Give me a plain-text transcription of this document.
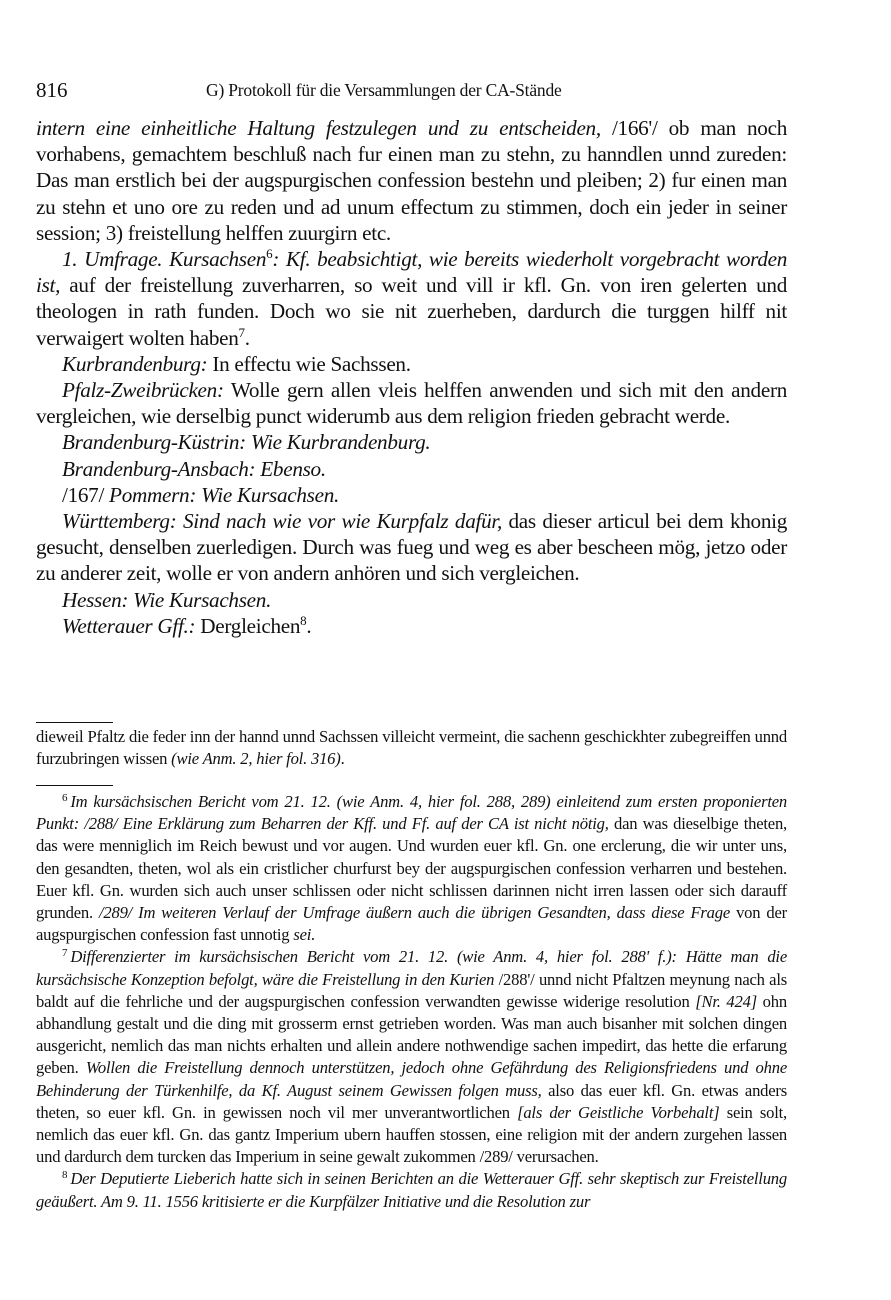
816	G) Protokoll für die Versammlungen der CA-Stände

intern eine einheitliche Haltung festzulegen und zu entscheiden, /166'/ ob man noch vorhabens, gemachtem beschluß nach fur einen man zu stehn, zu hanndlen unnd zureden: Das man erstlich bei der augspurgischen confession bestehn und pleiben; 2) fur einen man zu stehn et uno ore zu reden und ad unum effectum zu stimmen, doch ein jeder in seiner session; 3) freistellung helffen zuurgirn etc.

1. Umfrage. Kursachsen$^6$: Kf. beabsichtigt, wie bereits wiederholt vorgebracht worden ist, auf der freistellung zuverharren, so weit und vill ir kfl. Gn. von iren gelerten und theologen in rath funden. Doch wo sie nit zuerheben, dardurch die turggen hilff nit verwaigert wolten haben$^7$.

Kurbrandenburg: In effectu wie Sachssen.

Pfalz-Zweibrücken: Wolle gern allen vleis helffen anwenden und sich mit den andern vergleichen, wie derselbig punct widerumb aus dem religion frieden gebracht werde.

Brandenburg-Küstrin: Wie Kurbrandenburg.

Brandenburg-Ansbach: Ebenso.

/167/ Pommern: Wie Kursachsen.

Württemberg: Sind nach wie vor wie Kurpfalz dafür, das dieser articul bei dem khonig gesucht, denselben zuerledigen. Durch was fueg und weg es aber bescheen mög, jetzo oder zu anderer zeit, wolle er von andern anhören und sich vergleichen.

Hessen: Wie Kursachsen.

Wetterauer Gff.: Dergleichen$^8$.

dieweil Pfaltz die feder inn der hannd unnd Sachssen villeicht vermeint, die sachenn geschickhter zubegreiffen unnd furzubringen wissen (wie Anm. 2, hier fol. 316).

$^6$ Im kursächsischen Bericht vom 21. 12. (wie Anm. 4, hier fol. 288, 289) einleitend zum ersten proponierten Punkt: /288/ Eine Erklärung zum Beharren der Kff. und Ff. auf der CA ist nicht nötig, dan was dieselbige theten, das were menniglich im Reich bewust und vor augen. Und wurden euer kfl. Gn. one erclerung, die wir unter uns, den gesandten, theten, wol als ein cristlicher churfurst bey der augspurgischen confession verharren und bestehen. Euer kfl. Gn. wurden sich auch unser schlissen oder nicht schlissen darinnen nicht irren lassen oder sich darauff grunden. /289/ Im weiteren Verlauf der Umfrage äußern auch die übrigen Gesandten, dass diese Frage von der augspurgischen confession fast unnotig sei.

$^7$ Differenzierter im kursächsischen Bericht vom 21. 12. (wie Anm. 4, hier fol. 288' f.): Hätte man die kursächsische Konzeption befolgt, wäre die Freistellung in den Kurien /288'/ unnd nicht Pfaltzen meynung nach als baldt auf die fehrliche und der augspurgischen confession verwandten gewisse widerige resolution [Nr. 424] ohn abhandlung gestalt und die ding mit grosserm ernst getrieben worden. Was man auch bisanher mit solchen dingen ausgericht, nemlich das man nichts erhalten und allein andere nothwendige sachen impedirt, das hette die erfarung geben. Wollen die Freistellung dennoch unterstützen, jedoch ohne Gefährdung des Religionsfriedens und ohne Behinderung der Türkenhilfe, da Kf. August seinem Gewissen folgen muss, also das euer kfl. Gn. etwas anders theten, so euer kfl. Gn. in gewissen noch vil mer unverantwortlichen [als der Geistliche Vorbehalt] sein solt, nemlich das euer kfl. Gn. das gantz Imperium ubern hauffen stossen, eine religion mit der andern zurgehen lassen und dardurch dem turcken das Imperium in seine gewalt zukommen /289/ verursachen.

$^8$ Der Deputierte Lieberich hatte sich in seinen Berichten an die Wetterauer Gff. sehr skeptisch zur Freistellung geäußert. Am 9. 11. 1556 kritisierte er die Kurpfälzer Initiative und die Resolution zur
